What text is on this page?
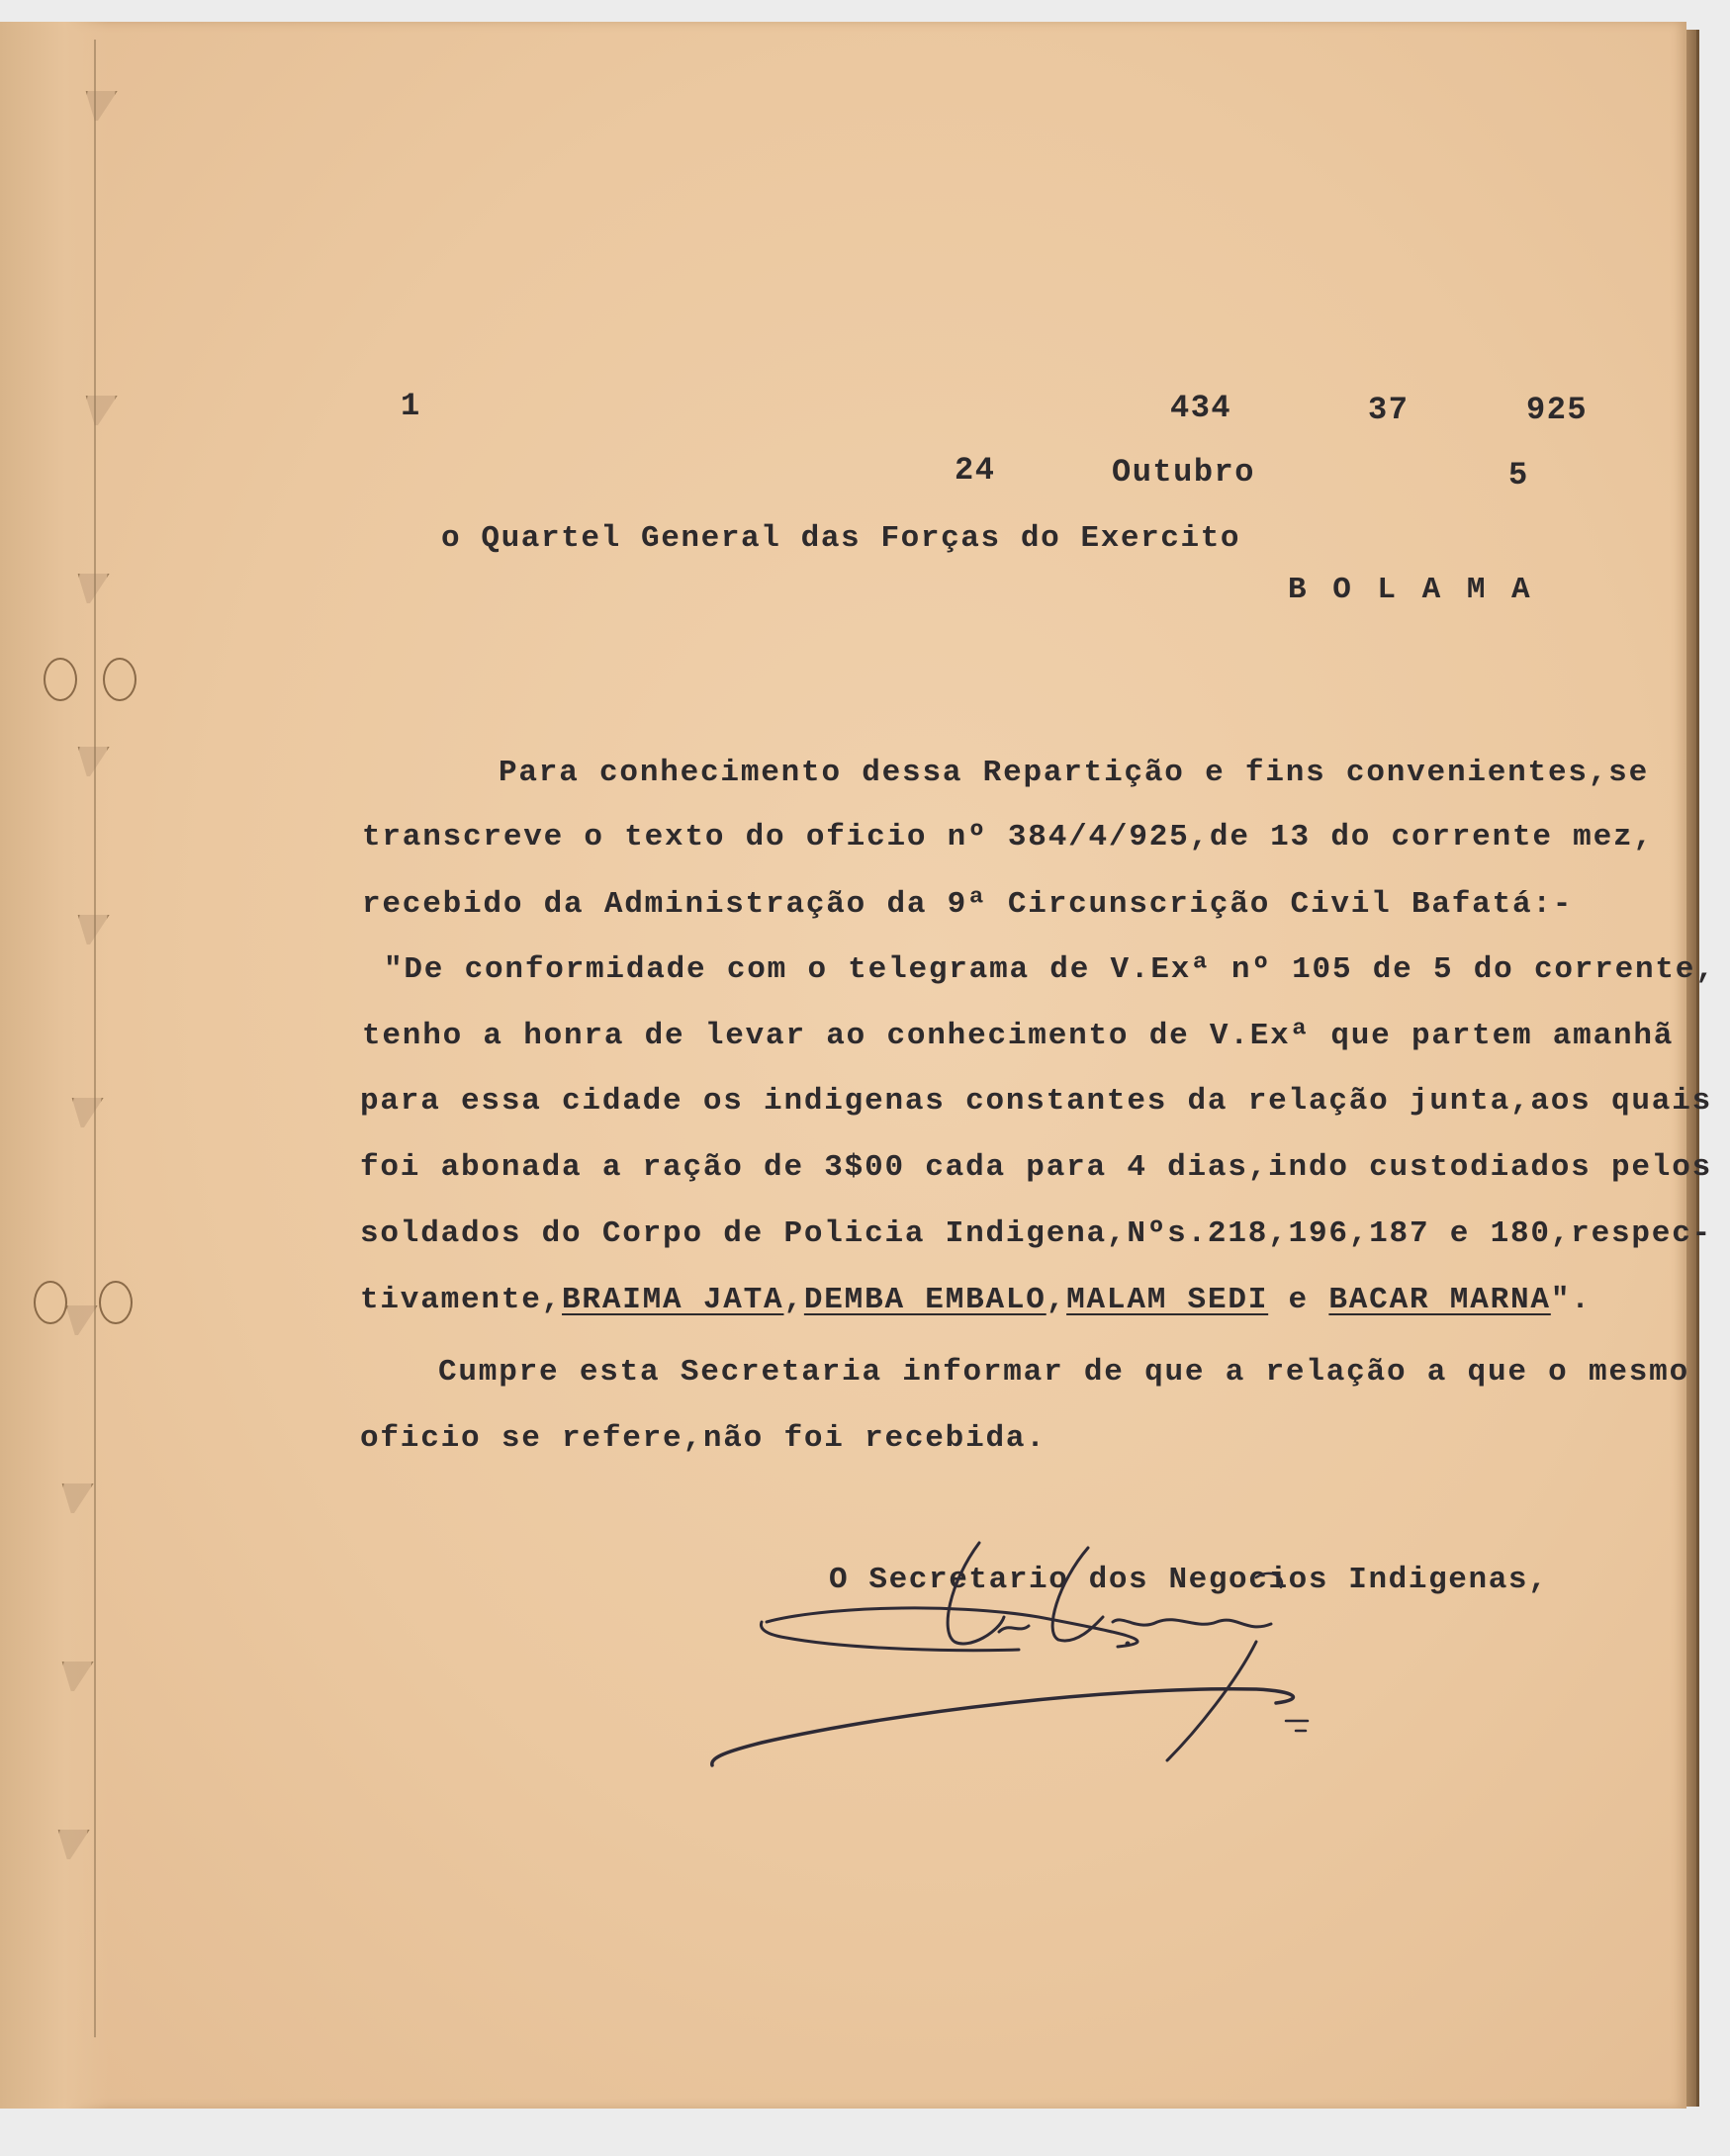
1	434	37	925
24	Outubro	5
o Quartel General das Forças do Exercito
B O L A M A
Para conhecimento dessa Repartição e fins convenientes,se
transcreve o texto do oficio nº 384/4/925,de 13 do corrente mez,
recebido da Administração da 9ª Circunscrição Civil Bafatá:-
"De conformidade com o telegrama de V.Exª nº 105 de 5 do corrente,
tenho a honra de levar ao conhecimento de V.Exª que partem amanhã
para essa cidade os indigenas constantes da relação junta,aos quais
foi abonada a ração de 3$00 cada para 4 dias,indo custodiados pelos
soldados do Corpo de Policia Indigena,Nºs.218,196,187 e 180,respec-
tivamente,BRAIMA JATA,DEMBA EMBALO,MALAM SEDI e BACAR MARNA".
Cumpre esta Secretaria informar de que a relação a que o mesmo
oficio se refere,não foi recebida.
O Secretario dos Negocios Indigenas,
